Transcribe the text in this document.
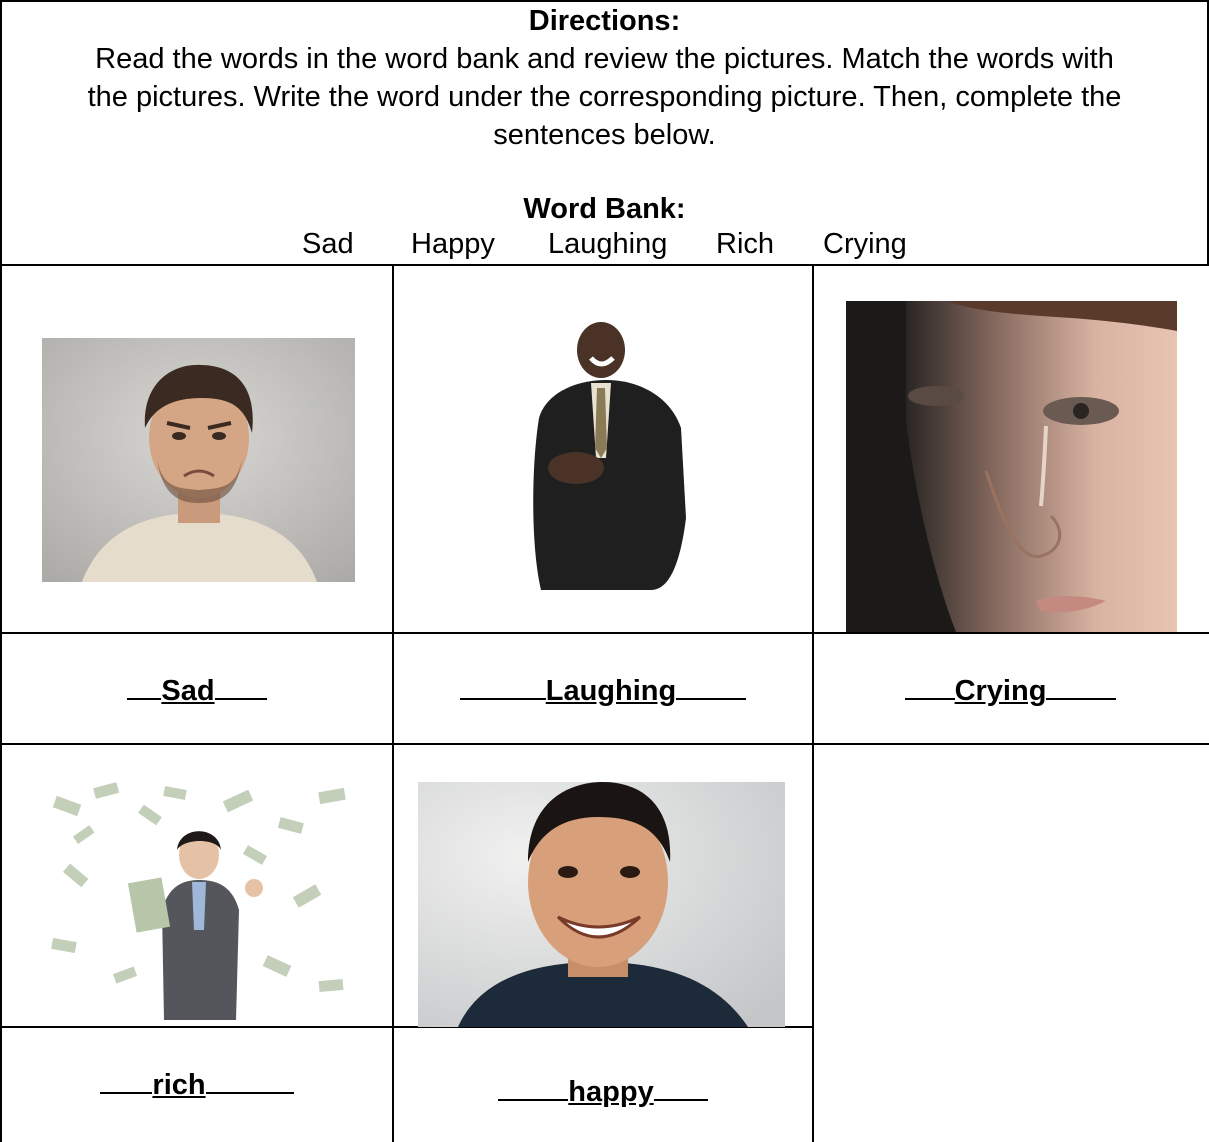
Directions:
Read the words in the word bank and review the pictures. Match the words with
the pictures. Write the word under the corresponding picture. Then, complete the
sentences below.
Word Bank:
Sad Happy Laughing Rich Crying
Sad	Laughing	Crying
rich	happy
